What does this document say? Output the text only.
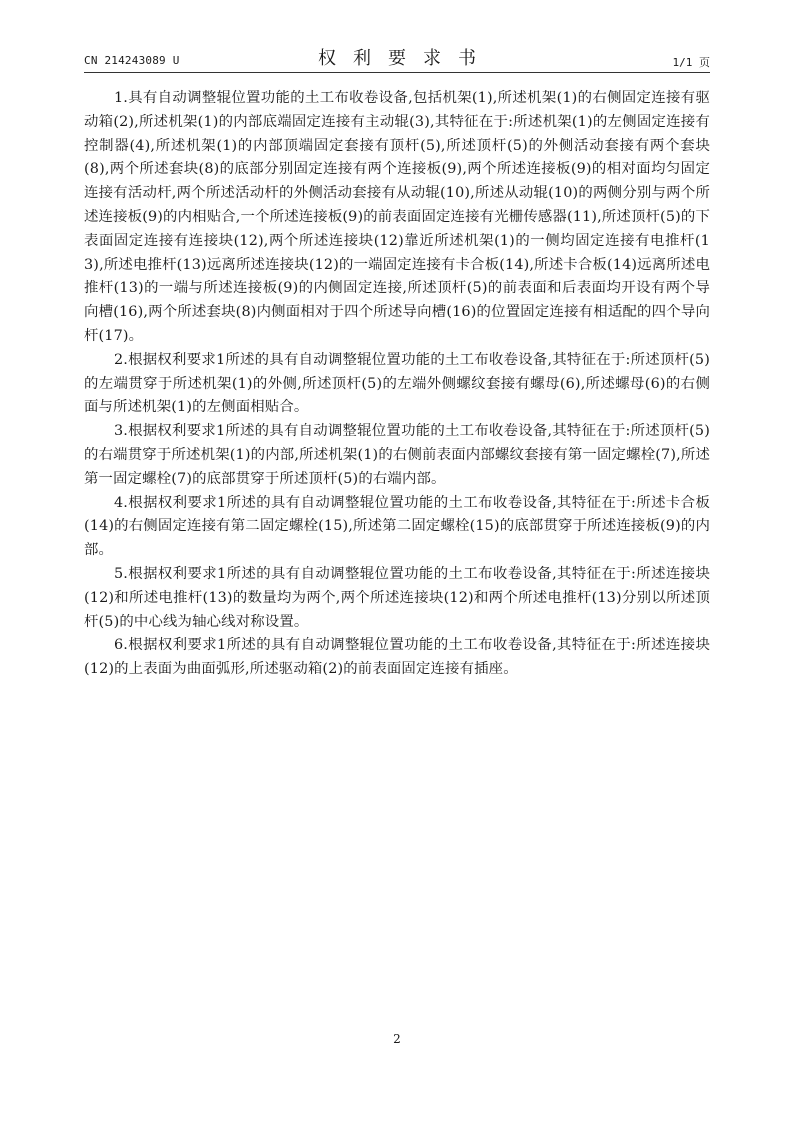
CN 214243089 U	权利要求书	1/1 页

1.具有自动调整辊位置功能的土工布收卷设备,包括机架(1),所述机架(1)的右侧固定连接有驱动箱(2),所述机架(1)的内部底端固定连接有主动辊(3),其特征在于:所述机架(1)的左侧固定连接有控制器(4),所述机架(1)的内部顶端固定套接有顶杆(5),所述顶杆(5)的外侧活动套接有两个套块(8),两个所述套块(8)的底部分别固定连接有两个连接板(9),两个所述连接板(9)的相对面均匀固定连接有活动杆,两个所述活动杆的外侧活动套接有从动辊(10),所述从动辊(10)的两侧分别与两个所述连接板(9)的内相贴合,一个所述连接板(9)的前表面固定连接有光栅传感器(11),所述顶杆(5)的下表面固定连接有连接块(12),两个所述连接块(12)靠近所述机架(1)的一侧均固定连接有电推杆(13),所述电推杆(13)远离所述连接块(12)的一端固定连接有卡合板(14),所述卡合板(14)远离所述电推杆(13)的一端与所述连接板(9)的内侧固定连接,所述顶杆(5)的前表面和后表面均开设有两个导向槽(16),两个所述套块(8)内侧面相对于四个所述导向槽(16)的位置固定连接有相适配的四个导向杆(17)。

2.根据权利要求1所述的具有自动调整辊位置功能的土工布收卷设备,其特征在于:所述顶杆(5)的左端贯穿于所述机架(1)的外侧,所述顶杆(5)的左端外侧螺纹套接有螺母(6),所述螺母(6)的右侧面与所述机架(1)的左侧面相贴合。

3.根据权利要求1所述的具有自动调整辊位置功能的土工布收卷设备,其特征在于:所述顶杆(5)的右端贯穿于所述机架(1)的内部,所述机架(1)的右侧前表面内部螺纹套接有第一固定螺栓(7),所述第一固定螺栓(7)的底部贯穿于所述顶杆(5)的右端内部。

4.根据权利要求1所述的具有自动调整辊位置功能的土工布收卷设备,其特征在于:所述卡合板(14)的右侧固定连接有第二固定螺栓(15),所述第二固定螺栓(15)的底部贯穿于所述连接板(9)的内部。

5.根据权利要求1所述的具有自动调整辊位置功能的土工布收卷设备,其特征在于:所述连接块(12)和所述电推杆(13)的数量均为两个,两个所述连接块(12)和两个所述电推杆(13)分别以所述顶杆(5)的中心线为轴心线对称设置。

6.根据权利要求1所述的具有自动调整辊位置功能的土工布收卷设备,其特征在于:所述连接块(12)的上表面为曲面弧形,所述驱动箱(2)的前表面固定连接有插座。

2
